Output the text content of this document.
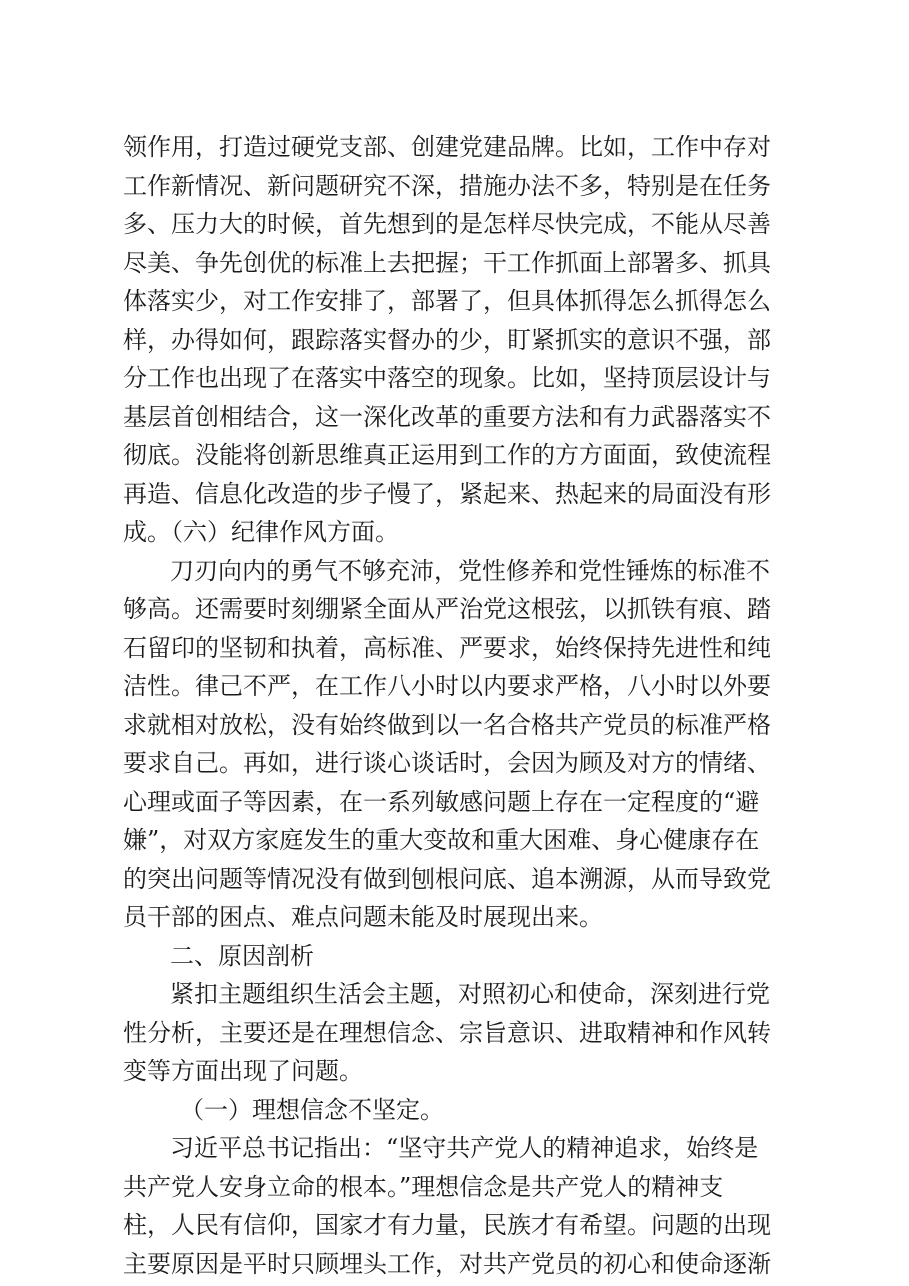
领作用，打造过硬党支部、创建党建品牌。比如，工作中存对
工作新情况、新问题研究不深，措施办法不多，特别是在任务
多、压力大的时候，首先想到的是怎样尽快完成，不能从尽善
尽美、争先创优的标准上去把握；干工作抓面上部署多、抓具
体落实少，对工作安排了，部署了，但具体抓得怎么抓得怎么
样，办得如何，跟踪落实督办的少，盯紧抓实的意识不强，部
分工作也出现了在落实中落空的现象。比如，坚持顶层设计与
基层首创相结合，这一深化改革的重要方法和有力武器落实不
彻底。没能将创新思维真正运用到工作的方方面面，致使流程
再造、信息化改造的步子慢了，紧起来、热起来的局面没有形
成。（六）纪律作风方面。
刀刃向内的勇气不够充沛，党性修养和党性锤炼的标准不
够高。还需要时刻绷紧全面从严治党这根弦，以抓铁有痕、踏
石留印的坚韧和执着，高标准、严要求，始终保持先进性和纯
洁性。律己不严，在工作八小时以内要求严格，八小时以外要
求就相对放松，没有始终做到以一名合格共产党员的标准严格
要求自己。再如，进行谈心谈话时，会因为顾及对方的情绪、
心理或面子等因素，在一系列敏感问题上存在一定程度的“避
嫌”，对双方家庭发生的重大变故和重大困难、身心健康存在
的突出问题等情况没有做到刨根问底、追本溯源，从而导致党
员干部的困点、难点问题未能及时展现出来。
二、原因剖析
紧扣主题组织生活会主题，对照初心和使命，深刻进行党
性分析，主要还是在理想信念、宗旨意识、进取精神和作风转
变等方面出现了问题。
（一）理想信念不坚定。
习近平总书记指出：“坚守共产党人的精神追求，始终是
共产党人安身立命的根本。”理想信念是共产党人的精神支
柱，人民有信仰，国家才有力量，民族才有希望。问题的出现
主要原因是平时只顾埋头工作，对共产党员的初心和使命逐渐
